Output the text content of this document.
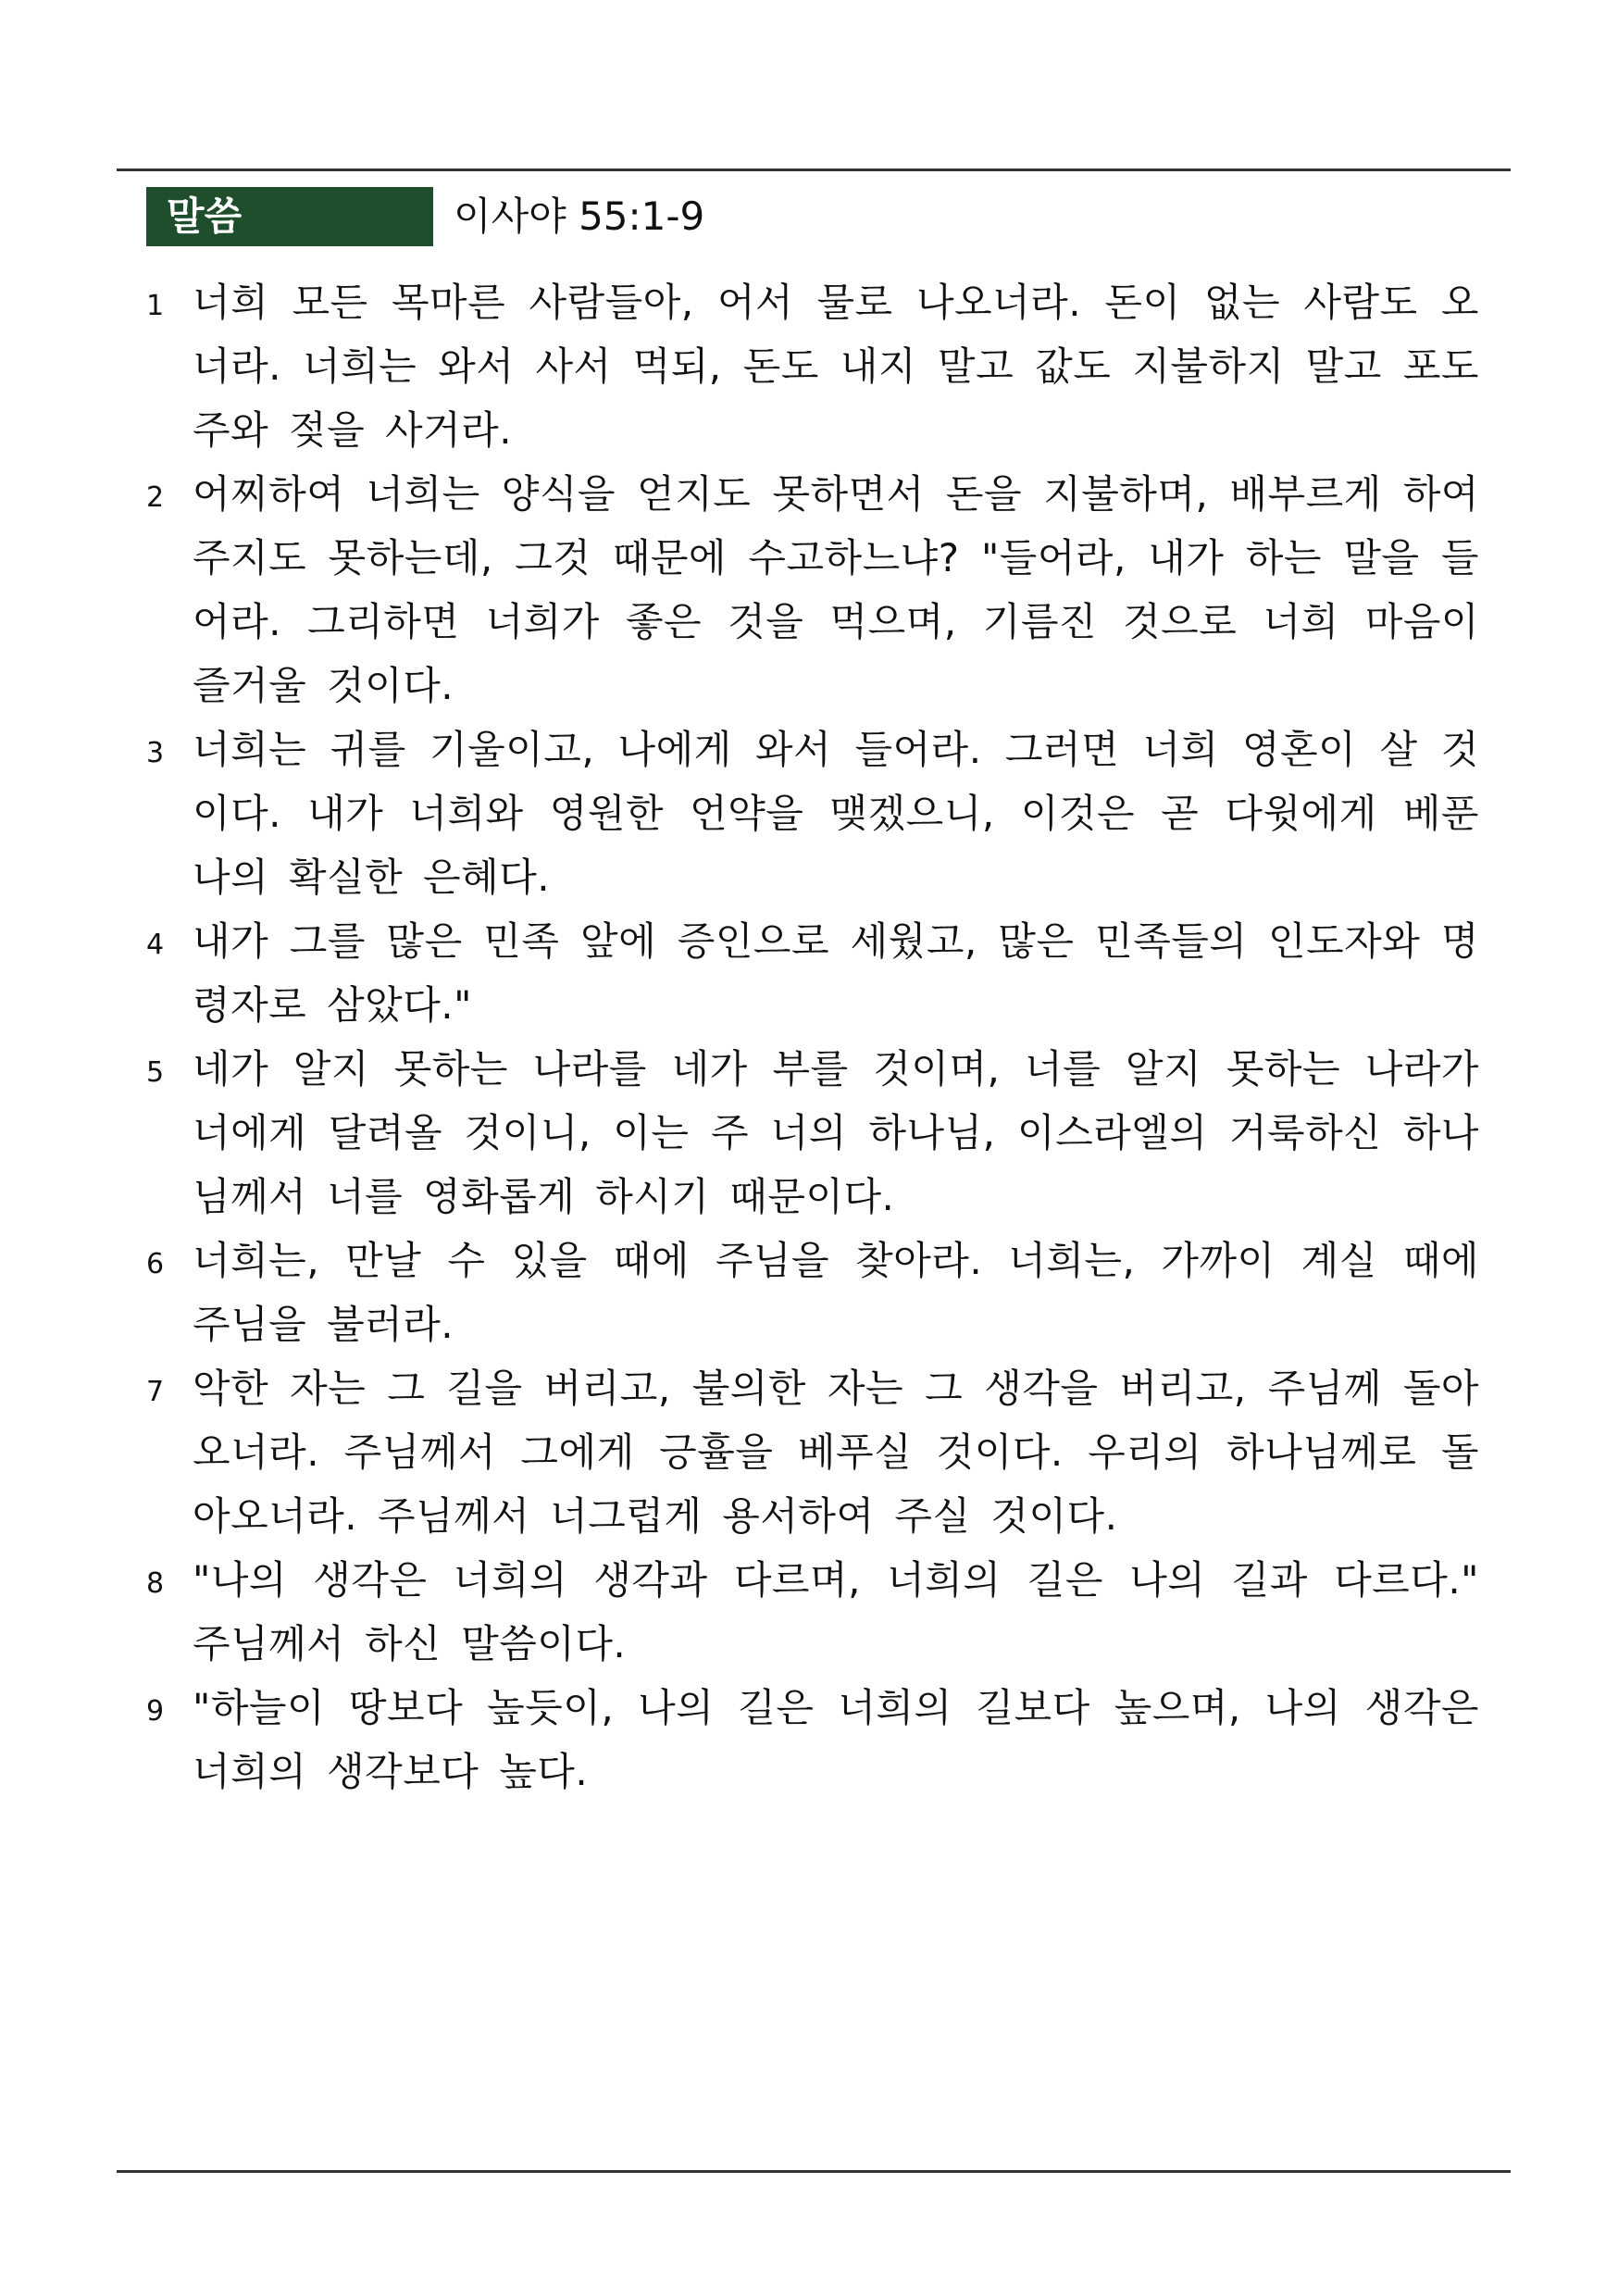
말씀	이사야 55:1-9
1 너희 모든 목마른 사람들아, 어서 물로 나오너라. 돈이 없는 사람도 오너라. 너희는 와서 사서 먹되, 돈도 내지 말고 값도 지불하지 말고 포도주와 젖을 사거라.
2 어찌하여 너희는 양식을 얻지도 못하면서 돈을 지불하며, 배부르게 하여 주지도 못하는데, 그것 때문에 수고하느냐? "들어라, 내가 하는 말을 들어라. 그리하면 너희가 좋은 것을 먹으며, 기름진 것으로 너희 마음이 즐거울 것이다.
3 너희는 귀를 기울이고, 나에게 와서 들어라. 그러면 너희 영혼이 살 것이다. 내가 너희와 영원한 언약을 맺겠으니, 이것은 곧 다윗에게 베푼 나의 확실한 은혜다.
4 내가 그를 많은 민족 앞에 증인으로 세웠고, 많은 민족들의 인도자와 명령자로 삼았다."
5 네가 알지 못하는 나라를 네가 부를 것이며, 너를 알지 못하는 나라가 너에게 달려올 것이니, 이는 주 너의 하나님, 이스라엘의 거룩하신 하나님께서 너를 영화롭게 하시기 때문이다.
6 너희는, 만날 수 있을 때에 주님을 찾아라. 너희는, 가까이 계실 때에 주님을 불러라.
7 악한 자는 그 길을 버리고, 불의한 자는 그 생각을 버리고, 주님께 돌아오너라. 주님께서 그에게 긍휼을 베푸실 것이다. 우리의 하나님께로 돌아오너라. 주님께서 너그럽게 용서하여 주실 것이다.
8 "나의 생각은 너희의 생각과 다르며, 너희의 길은 나의 길과 다르다." 주님께서 하신 말씀이다.
9 "하늘이 땅보다 높듯이, 나의 길은 너희의 길보다 높으며, 나의 생각은 너희의 생각보다 높다.
